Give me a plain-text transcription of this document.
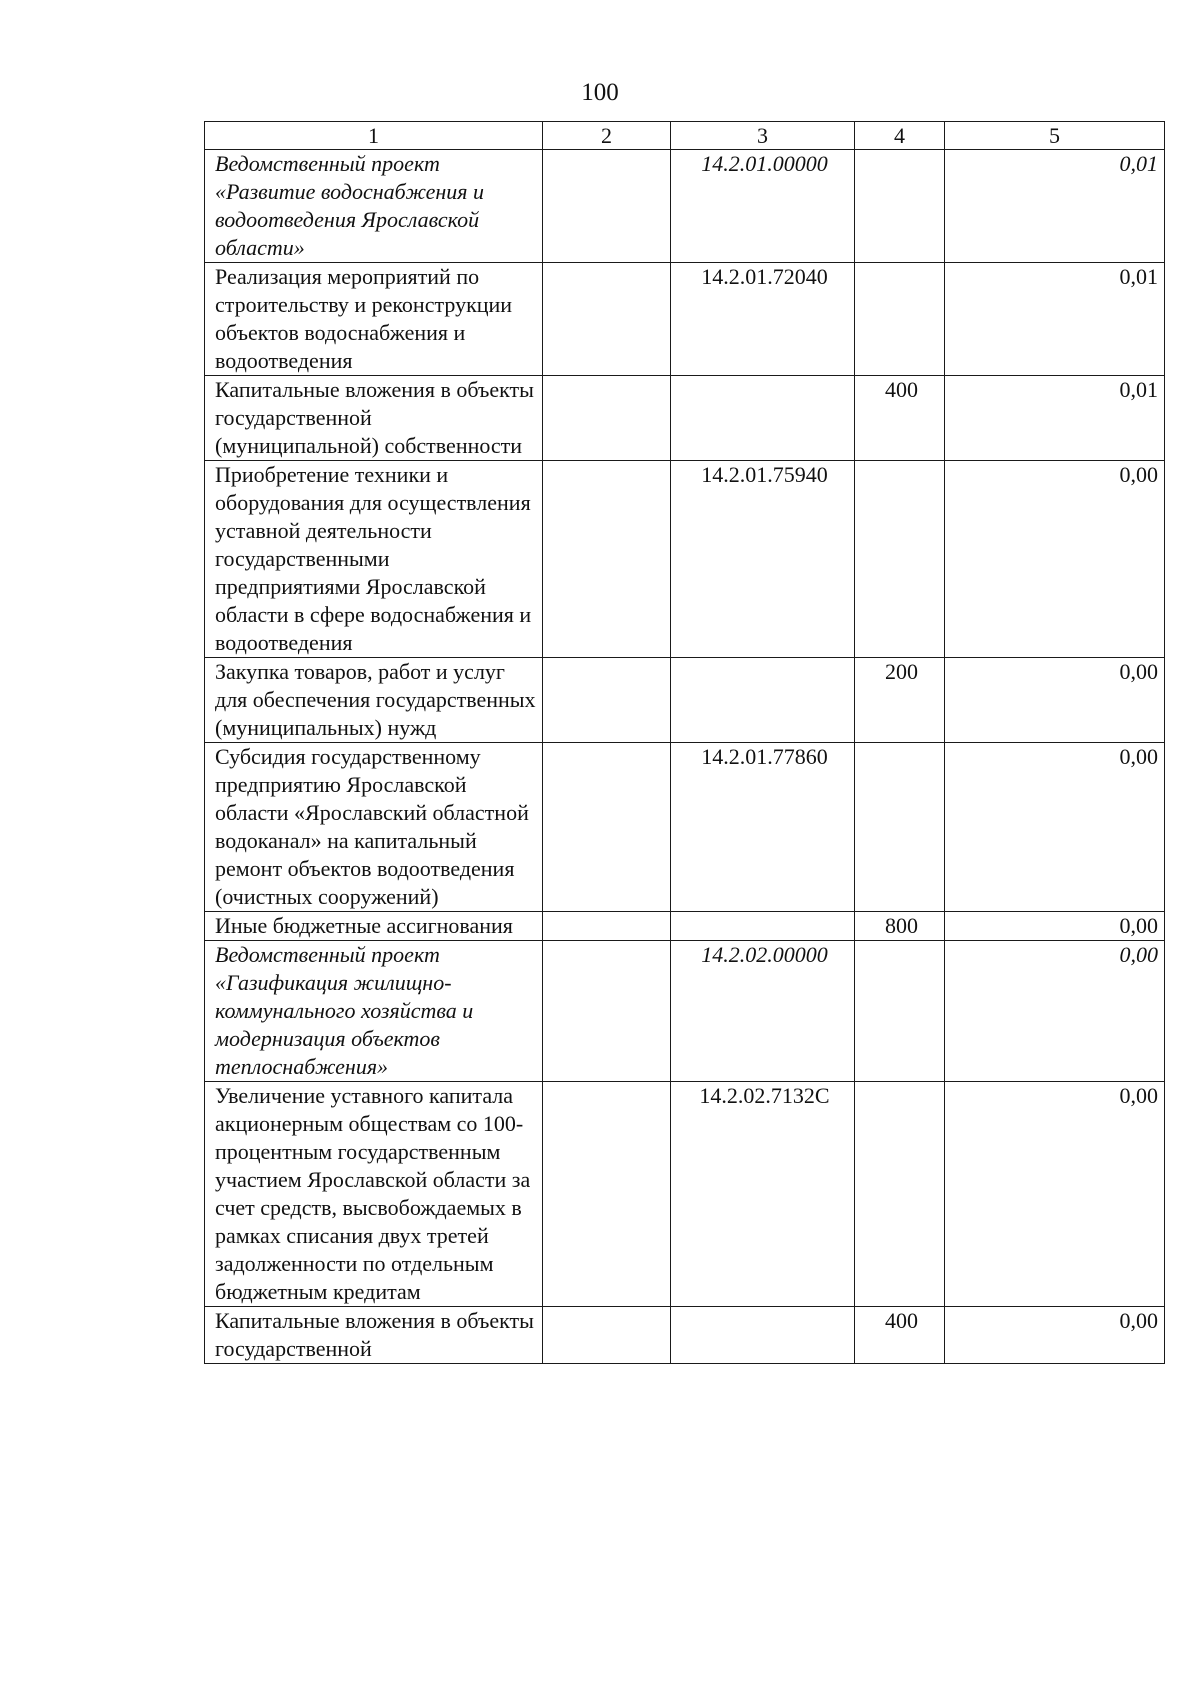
100
1	2	3	4	5
Ведомственный проект «Развитие водоснабжения и водоотведения Ярославской области»		14.2.01.00000		0,01
Реализация мероприятий по строительству и реконструкции объектов водоснабжения и водоотведения		14.2.01.72040		0,01
Капитальные вложения в объекты государственной (муниципальной) собственности			400	0,01
Приобретение техники и оборудования для осуществления уставной деятельности государственными предприятиями Ярославской области в сфере водоснабжения и водоотведения		14.2.01.75940		0,00
Закупка товаров, работ и услуг для обеспечения государственных (муниципальных) нужд			200	0,00
Субсидия государственному предприятию Ярославской области «Ярославский областной водоканал» на капитальный ремонт объектов водоотведения (очистных сооружений)		14.2.01.77860		0,00
Иные бюджетные ассигнования			800	0,00
Ведомственный проект «Газификация жилищно-коммунального хозяйства и модернизация объектов теплоснабжения»		14.2.02.00000		0,00
Увеличение уставного капитала акционерным обществам со 100-процентным государственным участием Ярославской области за счет средств, высвобождаемых в рамках списания двух третей задолженности по отдельным бюджетным кредитам		14.2.02.7132С		0,00
Капитальные вложения в объекты государственной			400	0,00
